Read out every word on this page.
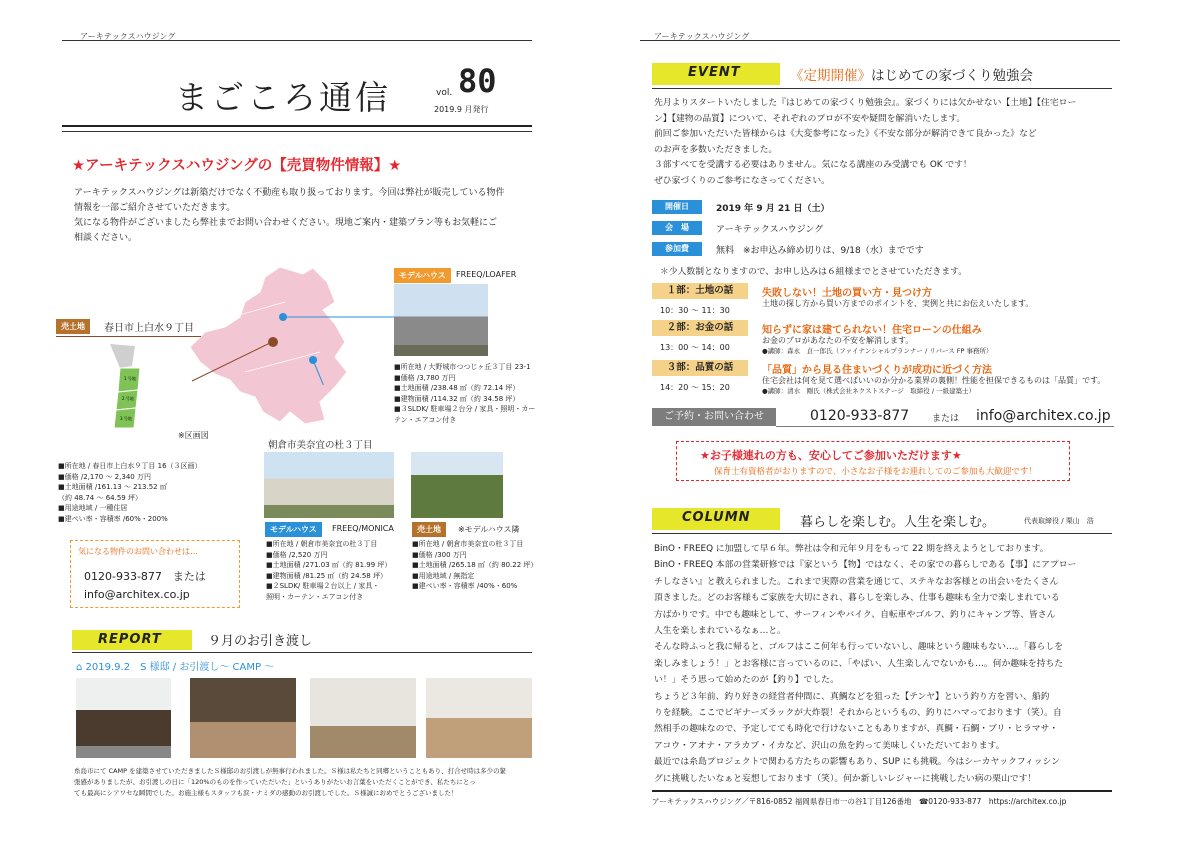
アーキテックスハウジング
まごころ通信	vol. 80
2019.9 月発行
★アーキテックスハウジングの【売買物件情報】★
アーキテックスハウジングは新築だけでなく不動産も取り扱っております。今回は弊社が販売している物件
情報を一部ご紹介させていただきます。
気になる物件がございましたら弊社までお問い合わせください。現地ご案内・建築プラン等もお気軽にご
相談ください。
売土地	春日市上白水９丁目
1 号地
2 号地
3 号地
※区画図
■所在地 / 春日市上白水９丁目 16（３区画）
■価格 /2,170 ～ 2,340 万円
■土地面積 /161.13 ～ 213.52 ㎡
（約 48.74 ～ 64.59 坪）
■用途地域 / 一種住居
■建ぺい率・容積率 /60%・200%
モデルハウス	FREEQ/LOAFER
■所在地 / 大野城市つつじヶ丘３丁目 23-1
■価格 /3,780 万円
■土地面積 /238.48 ㎡（約 72.14 坪）
■建物面積 /114.32 ㎡（約 34.58 坪）
■３SLDK/ 駐車場２台分 / 家具・照明・カー
テン・エアコン付き
朝倉市美奈宜の杜３丁目
モデルハウス	FREEQ/MONICA
■所在地 / 朝倉市美奈宜の杜３丁目
■価格 /2,520 万円
■土地面積 /271.03 ㎡（約 81.99 坪）
■建物面積 /81.25 ㎡（約 24.58 坪）
■２SLDK/ 駐車場２台以上 / 家具・
照明・カーテン・エアコン付き
売土地	※モデルハウス隣
■所在地 / 朝倉市美奈宜の杜３丁目
■価格 /300 万円
■土地面積 /265.18 ㎡（約 80.22 坪）
■用途地域 / 無指定
■建ぺい率・容積率 /40%・60%
気になる物件のお問い合わせは…
0120-933-877　または
info@architex.co.jp
REPORT	９月のお引き渡し
⌂ 2019.9.2　S 様邸 / お引渡し～ CAMP ～
糸島市にて CAMP を建築させていただきましたＳ様邸のお引渡しが無事行われました。Ｓ様は私たちと同郷ということもあり、打合せ時は多少の緊
張感がありましたが、お引渡しの日に「120%のものを作っていただいた」というありがたいお言葉をいただくことができ、私たちにとっ
ても最高にシアワセな瞬間でした。お施主様もスタッフも涙・ナミダの感動のお引渡しでした。Ｓ様誠におめでとうございました！
アーキテックスハウジング
EVENT	《定期開催》はじめての家づくり勉強会
先月よりスタートいたしました『はじめての家づくり勉強会』。家づくりには欠かせない【土地】【住宅ロー
ン】【建物の品質】について、それぞれのプロが不安や疑問を解消いたします。
前回ご参加いただいた皆様からは《大変参考になった》《不安な部分が解消できて良かった》など
のお声を多数いただきました。
３部すべてを受講する必要はありません。気になる講座のみ受講でも OK です！
ぜひ家づくりのご参考になさってください。
開催日	2019 年 9 月 21 日（土）
会　場	アーキテックスハウジング
参加費	無料　※お申込み締め切りは、9/18（水）までです
＊少人数制となりますので、お申し込みは６組様までとさせていただきます。
１部：土地の話
10：30 ～ 11：30
失敗しない！土地の買い方・見つけ方
土地の探し方から買い方までのポイントを、実例と共にお伝えいたします。
２部：お金の話
13：00 ～ 14：00
知らずに家は建てられない！住宅ローンの仕組み
お金のプロがあなたの不安を解消します。
●講師：森永　貞一郎氏（ファイナンシャルプランナー / リバース FP 事務所）
３部：品質の話
14：20 ～ 15：20
「品質」から見る住まいづくりが成功に近づく方法
住宅会社は何を見て選べばいいのか分かる業界の裏側！性能を担保できるものは「品質」です。
●講師：清水　剛氏（株式会社ネクストステージ　取締役 / 一級建築士）
ご予約・お問い合わせ	0120-933-877	または info@architex.co.jp
★お子様連れの方も、安心してご参加いただけます★
保育士有資格者がおりますので、小さなお子様をお連れしてのご参加も大歓迎です！
COLUMN	暮らしを楽しむ。人生を楽しむ。	代表取締役 / 栗山　浩
BinO・FREEQ に加盟して早６年。弊社は令和元年９月をもって 22 期を終えようとしております。
BinO・FREEQ 本部の営業研修では『家という【物】ではなく、その家での暮らしである【事】にアプロー
チしなさい』と教えられました。これまで実際の営業を通じて、ステキなお客様との出会いをたくさん
頂きました。どのお客様もご家族を大切にされ、暮らしを楽しみ、仕事も趣味も全力で楽しまれている
方ばかりです。中でも趣味として、サーフィンやバイク、自転車やゴルフ、釣りにキャンプ等、皆さん
人生を楽しまれているなぁ…と。
そんな時ふっと我に帰ると、ゴルフはここ何年も行っていないし、趣味という趣味もない…。「暮らしを
楽しみましょう！」とお客様に言っているのに、「やばい、人生楽しんでないかも…。何か趣味を持ちた
い！」そう思って始めたのが【釣り】でした。
ちょうど３年前、釣り好きの経営者仲間に、真鯛などを狙った【テンヤ】という釣り方を習い、船釣
りを経験。ここでビギナーズラックが大炸裂！それからというもの、釣りにハマっております（笑）。自
然相手の趣味なので、予定してても時化で行けないこともありますが、真鯛・石鯛・ブリ・ヒラマサ・
アコウ・アオナ・アラカブ・イカなど、沢山の魚を釣って美味しくいただいております。
最近では糸島プロジェクトで関わる方たちの影響もあり、SUP にも挑戦。今はシーカヤックフィッシン
グに挑戦したいなぁと妄想しております（笑）。何か新しいレジャーに挑戦したい病の栗山です！
アーキテックスハウジング／〒816-0852 福岡県春日市一の谷1丁目126番地　☎0120-933-877　https://architex.co.jp
